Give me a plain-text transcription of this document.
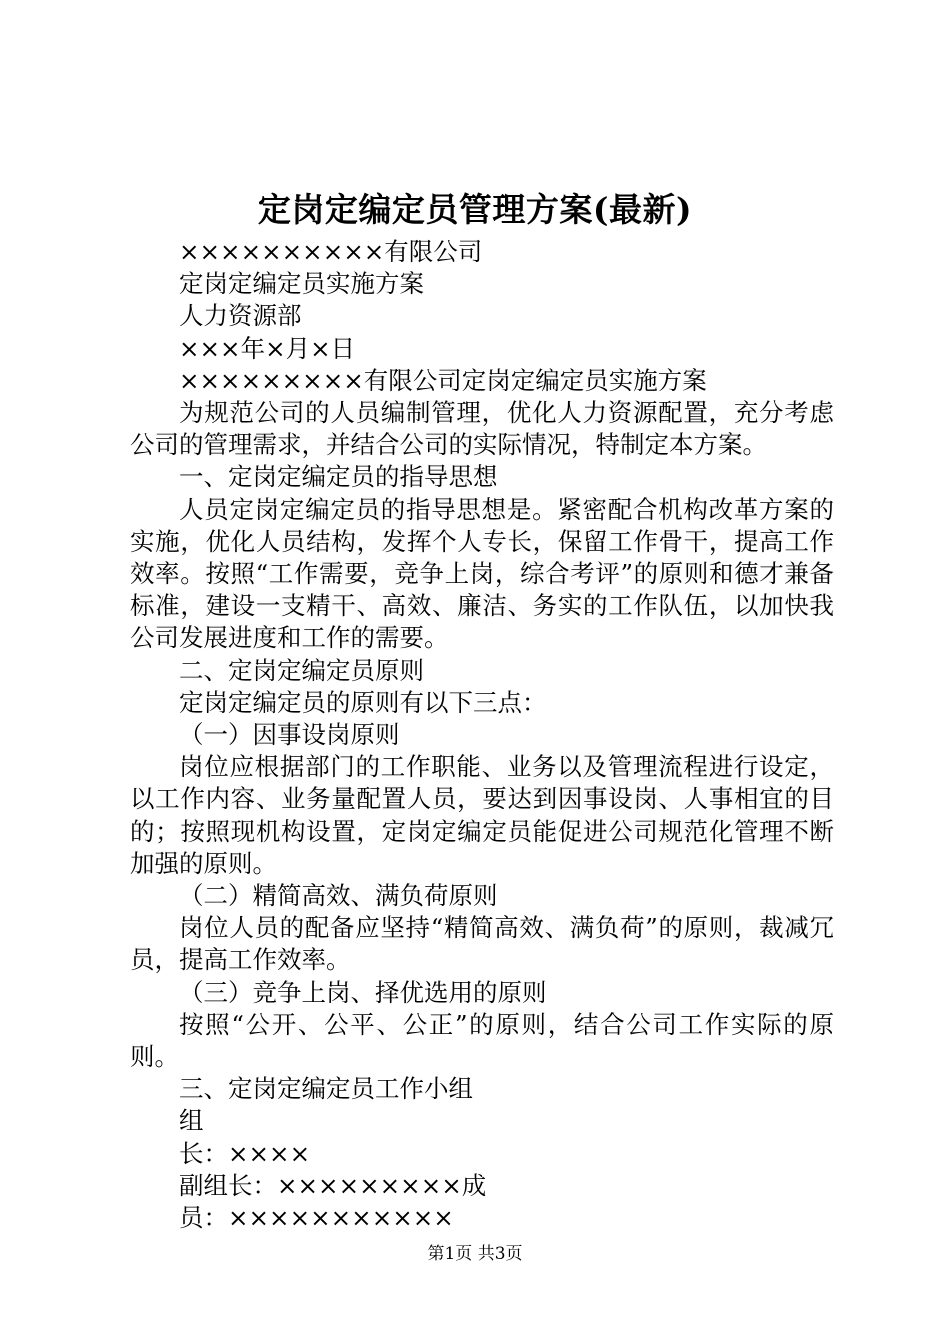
定岗定编定员管理方案(最新)

××××××××××有限公司

定岗定编定员实施方案

人力资源部

×××年×月×日

×××××××××有限公司定岗定编定员实施方案

为规范公司的人员编制管理，优化人力资源配置，充分考虑公司的管理需求，并结合公司的实际情况，特制定本方案。

一、定岗定编定员的指导思想

人员定岗定编定员的指导思想是。紧密配合机构改革方案的实施，优化人员结构，发挥个人专长，保留工作骨干，提高工作效率。按照“工作需要，竞争上岗，综合考评”的原则和德才兼备标准，建设一支精干、高效、廉洁、务实的工作队伍，以加快我公司发展进度和工作的需要。

二、定岗定编定员原则

定岗定编定员的原则有以下三点：

（一）因事设岗原则

岗位应根据部门的工作职能、业务以及管理流程进行设定，以工作内容、业务量配置人员，要达到因事设岗、人事相宜的目的；按照现机构设置，定岗定编定员能促进公司规范化管理不断加强的原则。

（二）精简高效、满负荷原则

岗位人员的配备应坚持“精简高效、满负荷”的原则，裁减冗员，提高工作效率。

（三）竞争上岗、择优选用的原则

按照“公开、公平、公正”的原则，结合公司工作实际的原则。

三、定岗定编定员工作小组

组

长：××××

副组长：×××××××××成

员：×××××××××××

第1页 共3页
